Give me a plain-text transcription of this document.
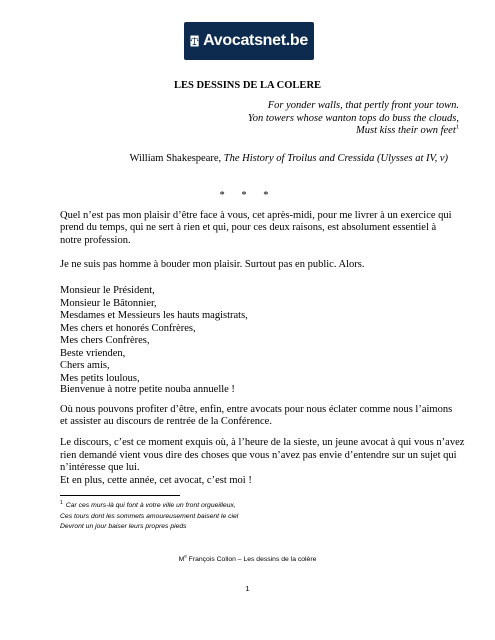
Avocatsnet.be
LES DESSINS DE LA COLERE
For yonder walls, that pertly front your town.
Yon towers whose wanton tops do buss the clouds,
Must kiss their own feet$^1$
William Shakespeare, The History of Troilus and Cressida (Ulysses at IV, v)
* * *
Quel n’est pas mon plaisir d’être face à vous, cet après-midi, pour me livrer à un exercice qui prend du temps, qui ne sert à rien et qui, pour ces deux raisons, est absolument essentiel à notre profession.
Je ne suis pas homme à bouder mon plaisir. Surtout pas en public. Alors.
Monsieur le Président,
Monsieur le Bâtonnier,
Mesdames et Messieurs les hauts magistrats,
Mes chers et honorés Confrères,
Mes chers Confrères,
Beste vrienden,
Chers amis,
Mes petits loulous,
Bienvenue à notre petite nouba annuelle !
Où nous pouvons profiter d’être, enfin, entre avocats pour nous éclater comme nous l’aimons et assister au discours de rentrée de la Conférence.
Le discours, c’est ce moment exquis où, à l’heure de la sieste, un jeune avocat à qui vous n’avez
rien demandé vient vous dire des choses que vous n’avez pas envie d’entendre sur un sujet qui
n’intéresse que lui.
Et en plus, cette année, cet avocat, c’est moi !
$^1$ Car ces murs-là qui font à votre ville un front orgueilleux,
Ces tours dont les sommets amoureusement baisent le ciel
Devront un jour baiser leurs propres pieds
Me François Collon – Les dessins de la colère
1
